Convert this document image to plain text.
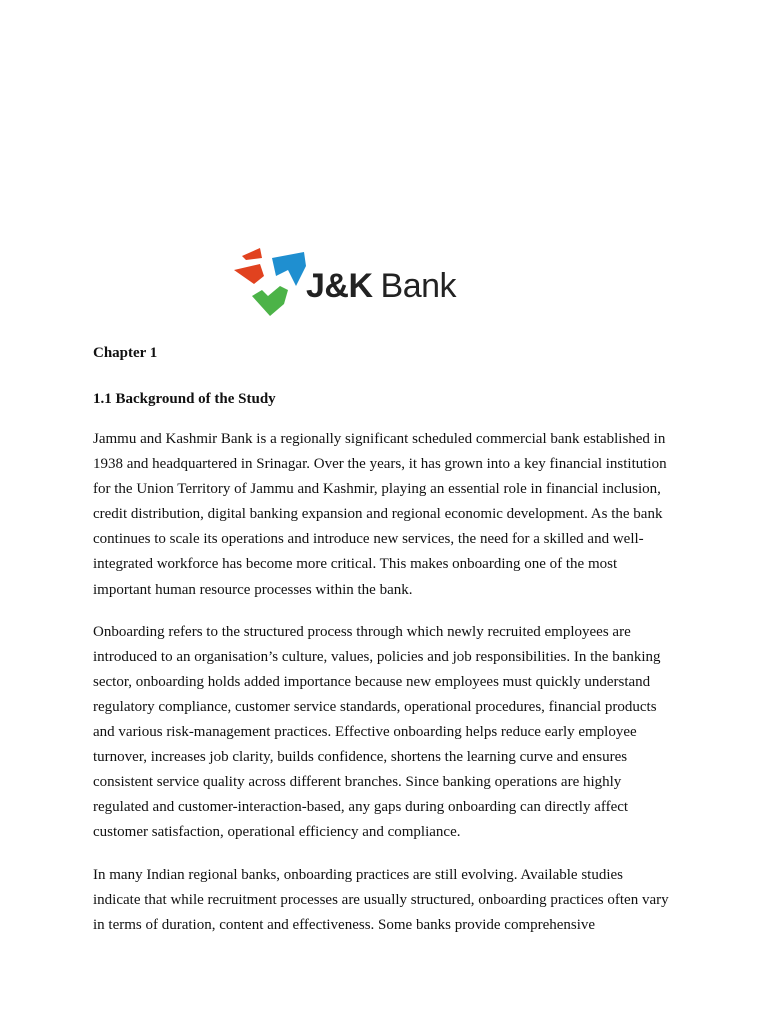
J&K Bank
Chapter 1
1.1 Background of the Study

Jammu and Kashmir Bank is a regionally significant scheduled commercial bank established in 1938 and headquartered in Srinagar. Over the years, it has grown into a key financial institution for the Union Territory of Jammu and Kashmir, playing an essential role in financial inclusion, credit distribution, digital banking expansion and regional economic development. As the bank continues to scale its operations and introduce new services, the need for a skilled and well-integrated workforce has become more critical. This makes onboarding one of the most important human resource processes within the bank.

Onboarding refers to the structured process through which newly recruited employees are introduced to an organisation’s culture, values, policies and job responsibilities. In the banking sector, onboarding holds added importance because new employees must quickly understand regulatory compliance, customer service standards, operational procedures, financial products and various risk-management practices. Effective onboarding helps reduce early employee turnover, increases job clarity, builds confidence, shortens the learning curve and ensures consistent service quality across different branches. Since banking operations are highly regulated and customer-interaction-based, any gaps during onboarding can directly affect customer satisfaction, operational efficiency and compliance.

In many Indian regional banks, onboarding practices are still evolving. Available studies indicate that while recruitment processes are usually structured, onboarding practices often vary in terms of duration, content and effectiveness. Some banks provide comprehensive
